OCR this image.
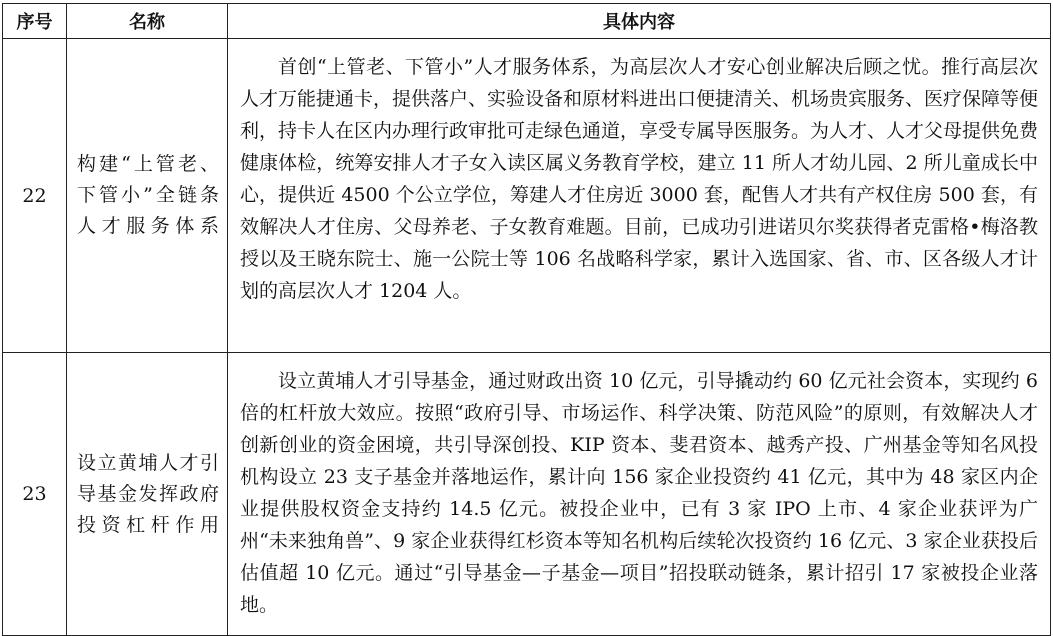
序号	名称	具体内容
22	构建“上管老、下管小”全链条人才服务体系	首创“上管老、下管小”人才服务体系，为高层次人才安心创业解决后顾之忧。推行高层次人才万能捷通卡，提供落户、实验设备和原材料进出口便捷清关、机场贵宾服务、医疗保障等便利，持卡人在区内办理行政审批可走绿色通道，享受专属导医服务。为人才、人才父母提供免费健康体检，统筹安排人才子女入读区属义务教育学校，建立 11 所人才幼儿园、2 所儿童成长中心，提供近 4500 个公立学位，筹建人才住房近 3000 套，配售人才共有产权住房 500 套，有效解决人才住房、父母养老、子女教育难题。目前，已成功引进诺贝尔奖获得者克雷格•梅洛教授以及王晓东院士、施一公院士等 106 名战略科学家，累计入选国家、省、市、区各级人才计划的高层次人才 1204 人。

23	设立黄埔人才引导基金发挥政府投资杠杆作用	设立黄埔人才引导基金，通过财政出资 10 亿元，引导撬动约 60 亿元社会资本，实现约 6 倍的杠杆放大效应。按照“政府引导、市场运作、科学决策、防范风险”的原则，有效解决人才创新创业的资金困境，共引导深创投、KIP 资本、斐君资本、越秀产投、广州基金等知名风投机构设立 23 支子基金并落地运作，累计向 156 家企业投资约 41 亿元，其中为 48 家区内企业提供股权资金支持约 14.5 亿元。被投企业中，已有 3 家 IPO 上市、4 家企业获评为广州“未来独角兽”、9 家企业获得红杉资本等知名机构后续轮次投资约 16 亿元、3 家企业获投后估值超 10 亿元。通过“引导基金—子基金—项目”招投联动链条，累计招引 17 家被投企业落地。
